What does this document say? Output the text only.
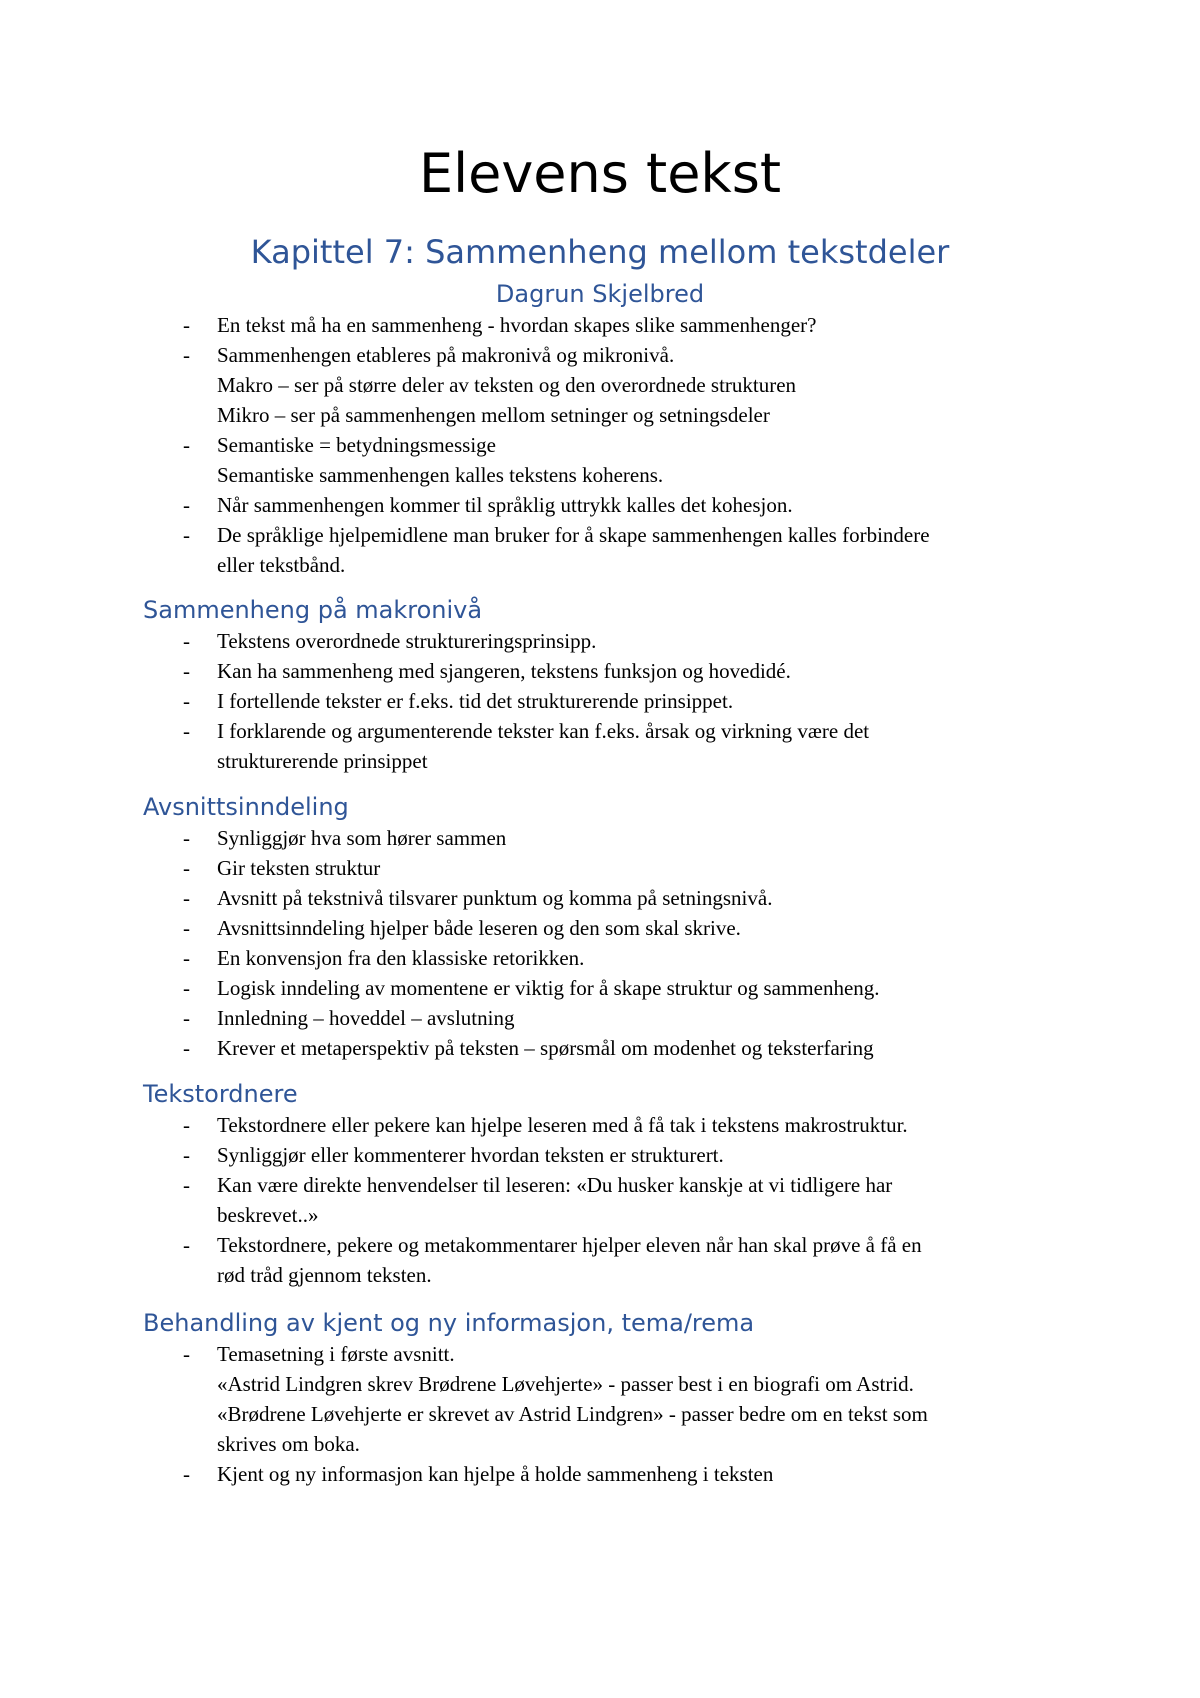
Elevens tekst
Kapittel 7: Sammenheng mellom tekstdeler
Dagrun Skjelbred
- En tekst må ha en sammenheng - hvordan skapes slike sammenhenger?
- Sammenhengen etableres på makronivå og mikronivå.
Makro – ser på større deler av teksten og den overordnede strukturen
Mikro – ser på sammenhengen mellom setninger og setningsdeler
- Semantiske = betydningsmessige
Semantiske sammenhengen kalles tekstens koherens.
- Når sammenhengen kommer til språklig uttrykk kalles det kohesjon.
- De språklige hjelpemidlene man bruker for å skape sammenhengen kalles forbindere
eller tekstbånd.
Sammenheng på makronivå
- Tekstens overordnede struktureringsprinsipp.
- Kan ha sammenheng med sjangeren, tekstens funksjon og hovedidé.
- I fortellende tekster er f.eks. tid det strukturerende prinsippet.
- I forklarende og argumenterende tekster kan f.eks. årsak og virkning være det
strukturerende prinsippet
Avsnittsinndeling
- Synliggjør hva som hører sammen
- Gir teksten struktur
- Avsnitt på tekstnivå tilsvarer punktum og komma på setningsnivå.
- Avsnittsinndeling hjelper både leseren og den som skal skrive.
- En konvensjon fra den klassiske retorikken.
- Logisk inndeling av momentene er viktig for å skape struktur og sammenheng.
- Innledning – hoveddel – avslutning
- Krever et metaperspektiv på teksten – spørsmål om modenhet og teksterfaring
Tekstordnere
- Tekstordnere eller pekere kan hjelpe leseren med å få tak i tekstens makrostruktur.
- Synliggjør eller kommenterer hvordan teksten er strukturert.
- Kan være direkte henvendelser til leseren: «Du husker kanskje at vi tidligere har
beskrevet..»
- Tekstordnere, pekere og metakommentarer hjelper eleven når han skal prøve å få en
rød tråd gjennom teksten.
Behandling av kjent og ny informasjon, tema/rema
- Temasetning i første avsnitt.
«Astrid Lindgren skrev Brødrene Løvehjerte» - passer best i en biografi om Astrid.
«Brødrene Løvehjerte er skrevet av Astrid Lindgren» - passer bedre om en tekst som
skrives om boka.
- Kjent og ny informasjon kan hjelpe å holde sammenheng i teksten
